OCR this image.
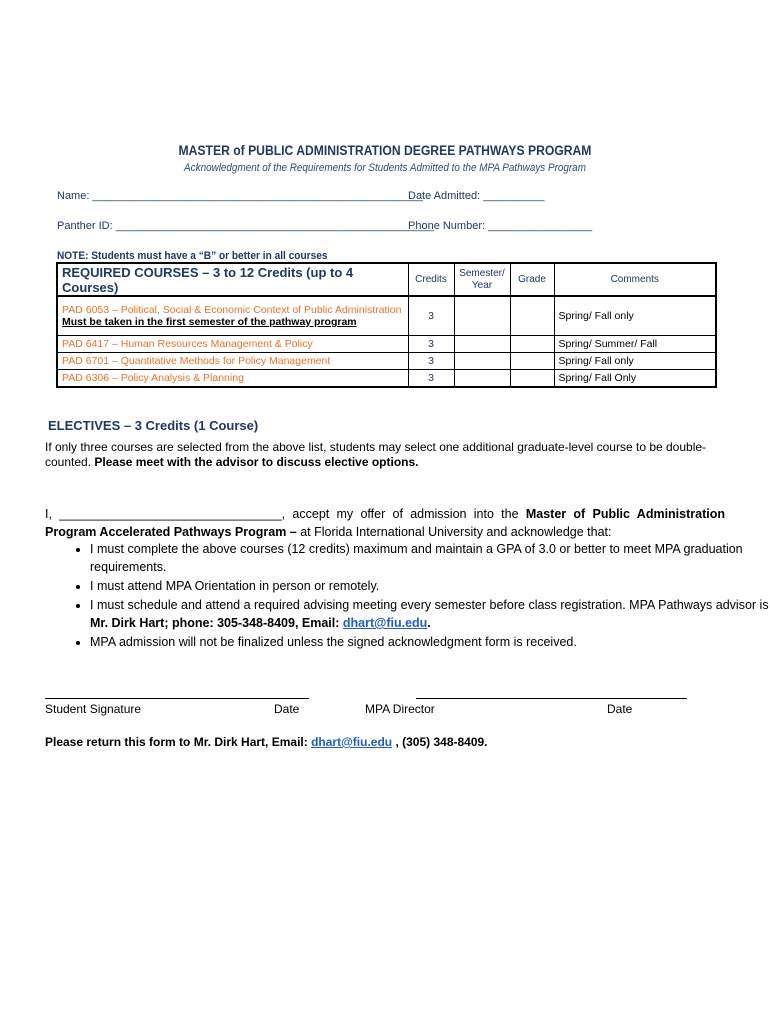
MASTER of PUBLIC ADMINISTRATION DEGREE PATHWAYS PROGRAM
Acknowledgment of the Requirements for Students Admitted to the MPA Pathways Program
Name: ______________________________________________________
Date Admitted: __________
Panther ID: ____________________________________________________
Phone Number: _________________
NOTE: Students must have a “B” or better in all courses
REQUIRED COURSES – 3 to 12 Credits (up to 4 Courses)	Credits	Semester/ Year	Grade	Comments

PAD 6053 – Political, Social & Economic Context of Public Administration
Must be taken in the first semester of the pathway program	3			Spring/ Fall only
PAD 6417 – Human Resources Management & Policy	3			Spring/ Summer/ Fall
PAD 6701 – Quantitative Methods for Policy Management	3			Spring/ Fall only
PAD 6306 – Policy Analysis & Planning	3			Spring/ Fall Only
ELECTIVES – 3 Credits (1 Course)
If only three courses are selected from the above list, students may select one additional graduate-level course to be double-counted. Please meet with the advisor to discuss elective options.
I, ________________________________, accept my offer of admission into the Master of Public Administration Program Accelerated Pathways Program – at Florida International University and acknowledge that:
• I must complete the above courses (12 credits) maximum and maintain a GPA of 3.0 or better to meet MPA graduation requirements.
• I must attend MPA Orientation in person or remotely.
• I must schedule and attend a required advising meeting every semester before class registration. MPA Pathways advisor is Mr. Dirk Hart; phone: 305-348-8409, Email: dhart@fiu.edu.
• MPA admission will not be finalized unless the signed acknowledgment form is received.
Student Signature	Date	MPA Director	Date
Please return this form to Mr. Dirk Hart, Email: dhart@fiu.edu , (305) 348-8409.
